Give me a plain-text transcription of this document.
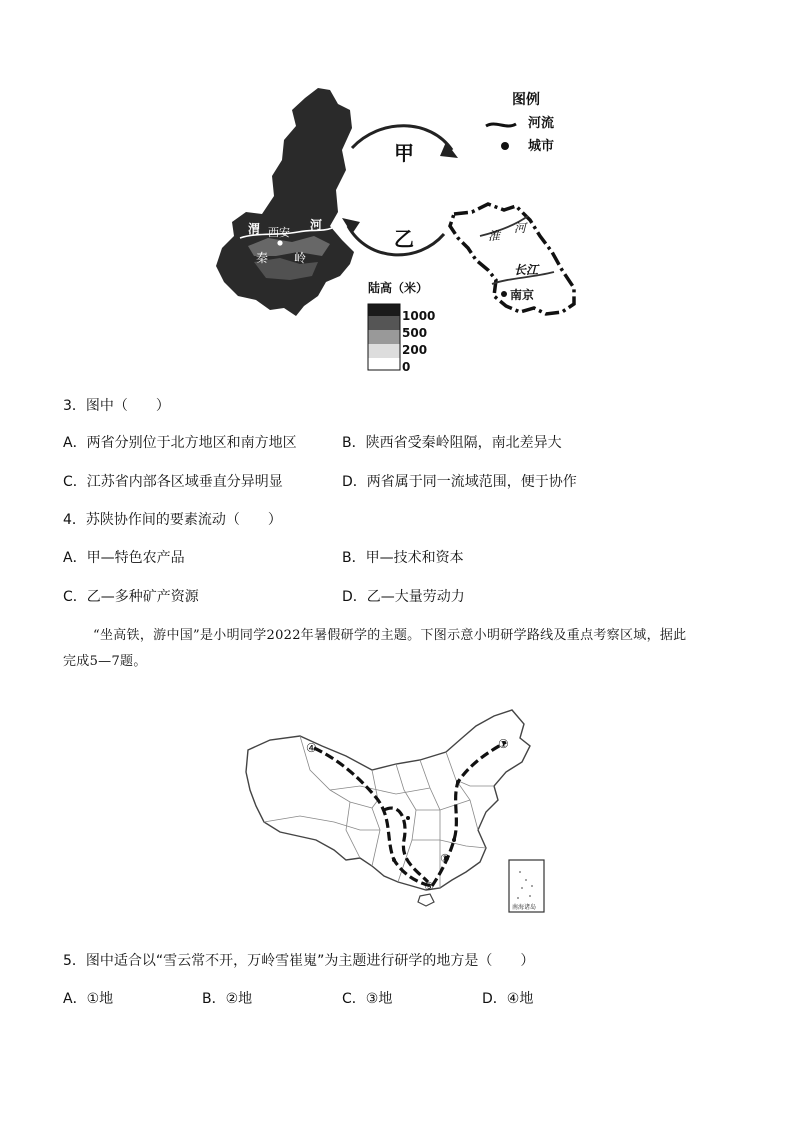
渭	河
西安
秦 岭
甲
乙	淮
河
长江
南京
图例
河流
城市
陆高（米）
1000
500
200
0
3．图中（　　）
A．两省分别位于北方地区和南方地区	B．陕西省受秦岭阻隔，南北差异大
C．江苏省内部各区域垂直分异明显	D．两省属于同一流域范围，便于协作
4．苏陕协作间的要素流动（　　）
A．甲—特色农产品	B．甲—技术和资本
C．乙—多种矿产资源	D．乙—大量劳动力
“坐高铁，游中国”是小明同学2022年暑假研学的主题。下图示意小明研学路线及重点考察区域，据此
完成5—7题。
南海诸岛
①
②
③
④
5．图中适合以“雪云常不开，万岭雪崔嵬”为主题进行研学的地方是（　　）
A．①地	B．②地	C．③地	D．④地
